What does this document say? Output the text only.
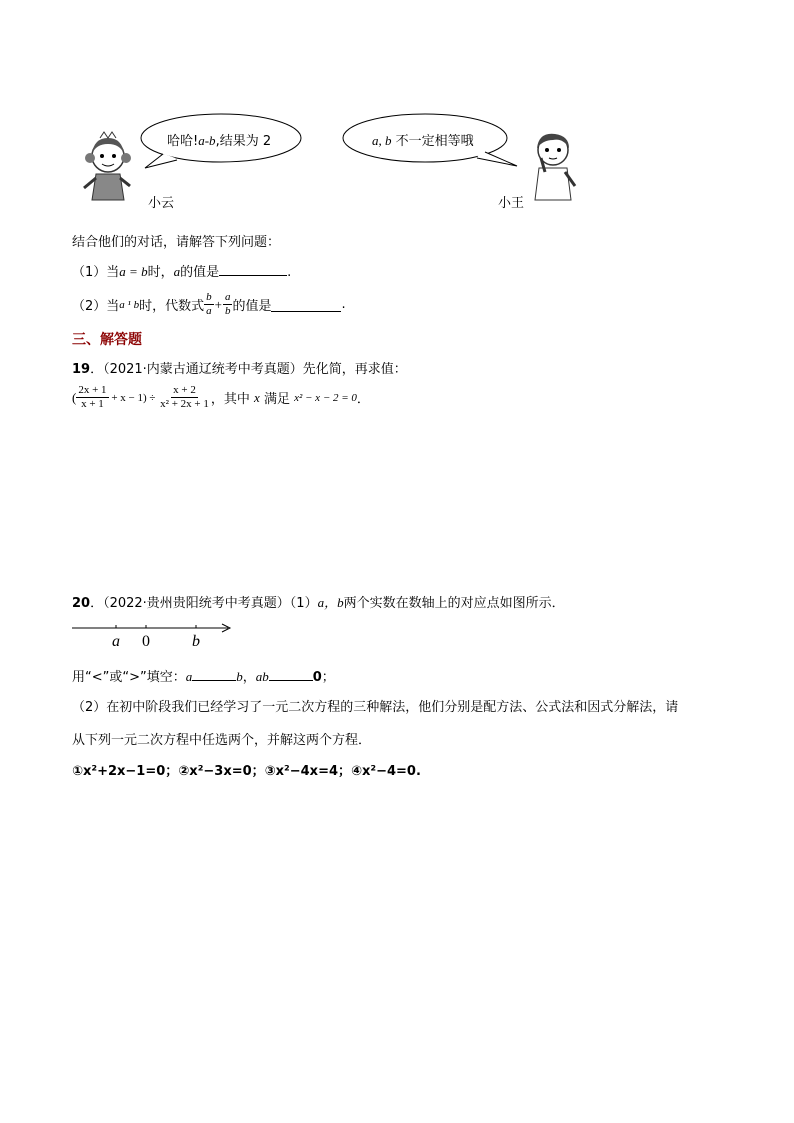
哈哈!a-b,结果为 2	a, b 不一定相等哦
小云	小王
结合他们的对话，请解答下列问题：
（1）当a = b时，a的值是	.
（2） 当 a ¹ b 时，代数式 $\frac{b}{a} + \frac{a}{b}$ 的值是	.
三、解答题
19．（2021·内蒙古通辽统考中考真题）先化简，再求值：
( $\frac{2x + 1}{x + 1} + x - 1) \div \frac{x + 2}{\text{x² + 2x + 1}}$ ，其中 x 满足 x² − x − 2 = 0 ．
20．（2022·贵州贵阳统考中考真题）（1）a，b两个实数在数轴上的对应点如图所示．
a 0	b
用“<”或“>”填空：a	b，ab	0；
（2）在初中阶段我们已经学习了一元二次方程的三种解法，他们分别是配方法、公式法和因式分解法，请
从下列一元二次方程中任选两个，并解这两个方程．
①x²+2x−1=0；②x²−3x=0；③x²−4x=4；④x²−4=0.
